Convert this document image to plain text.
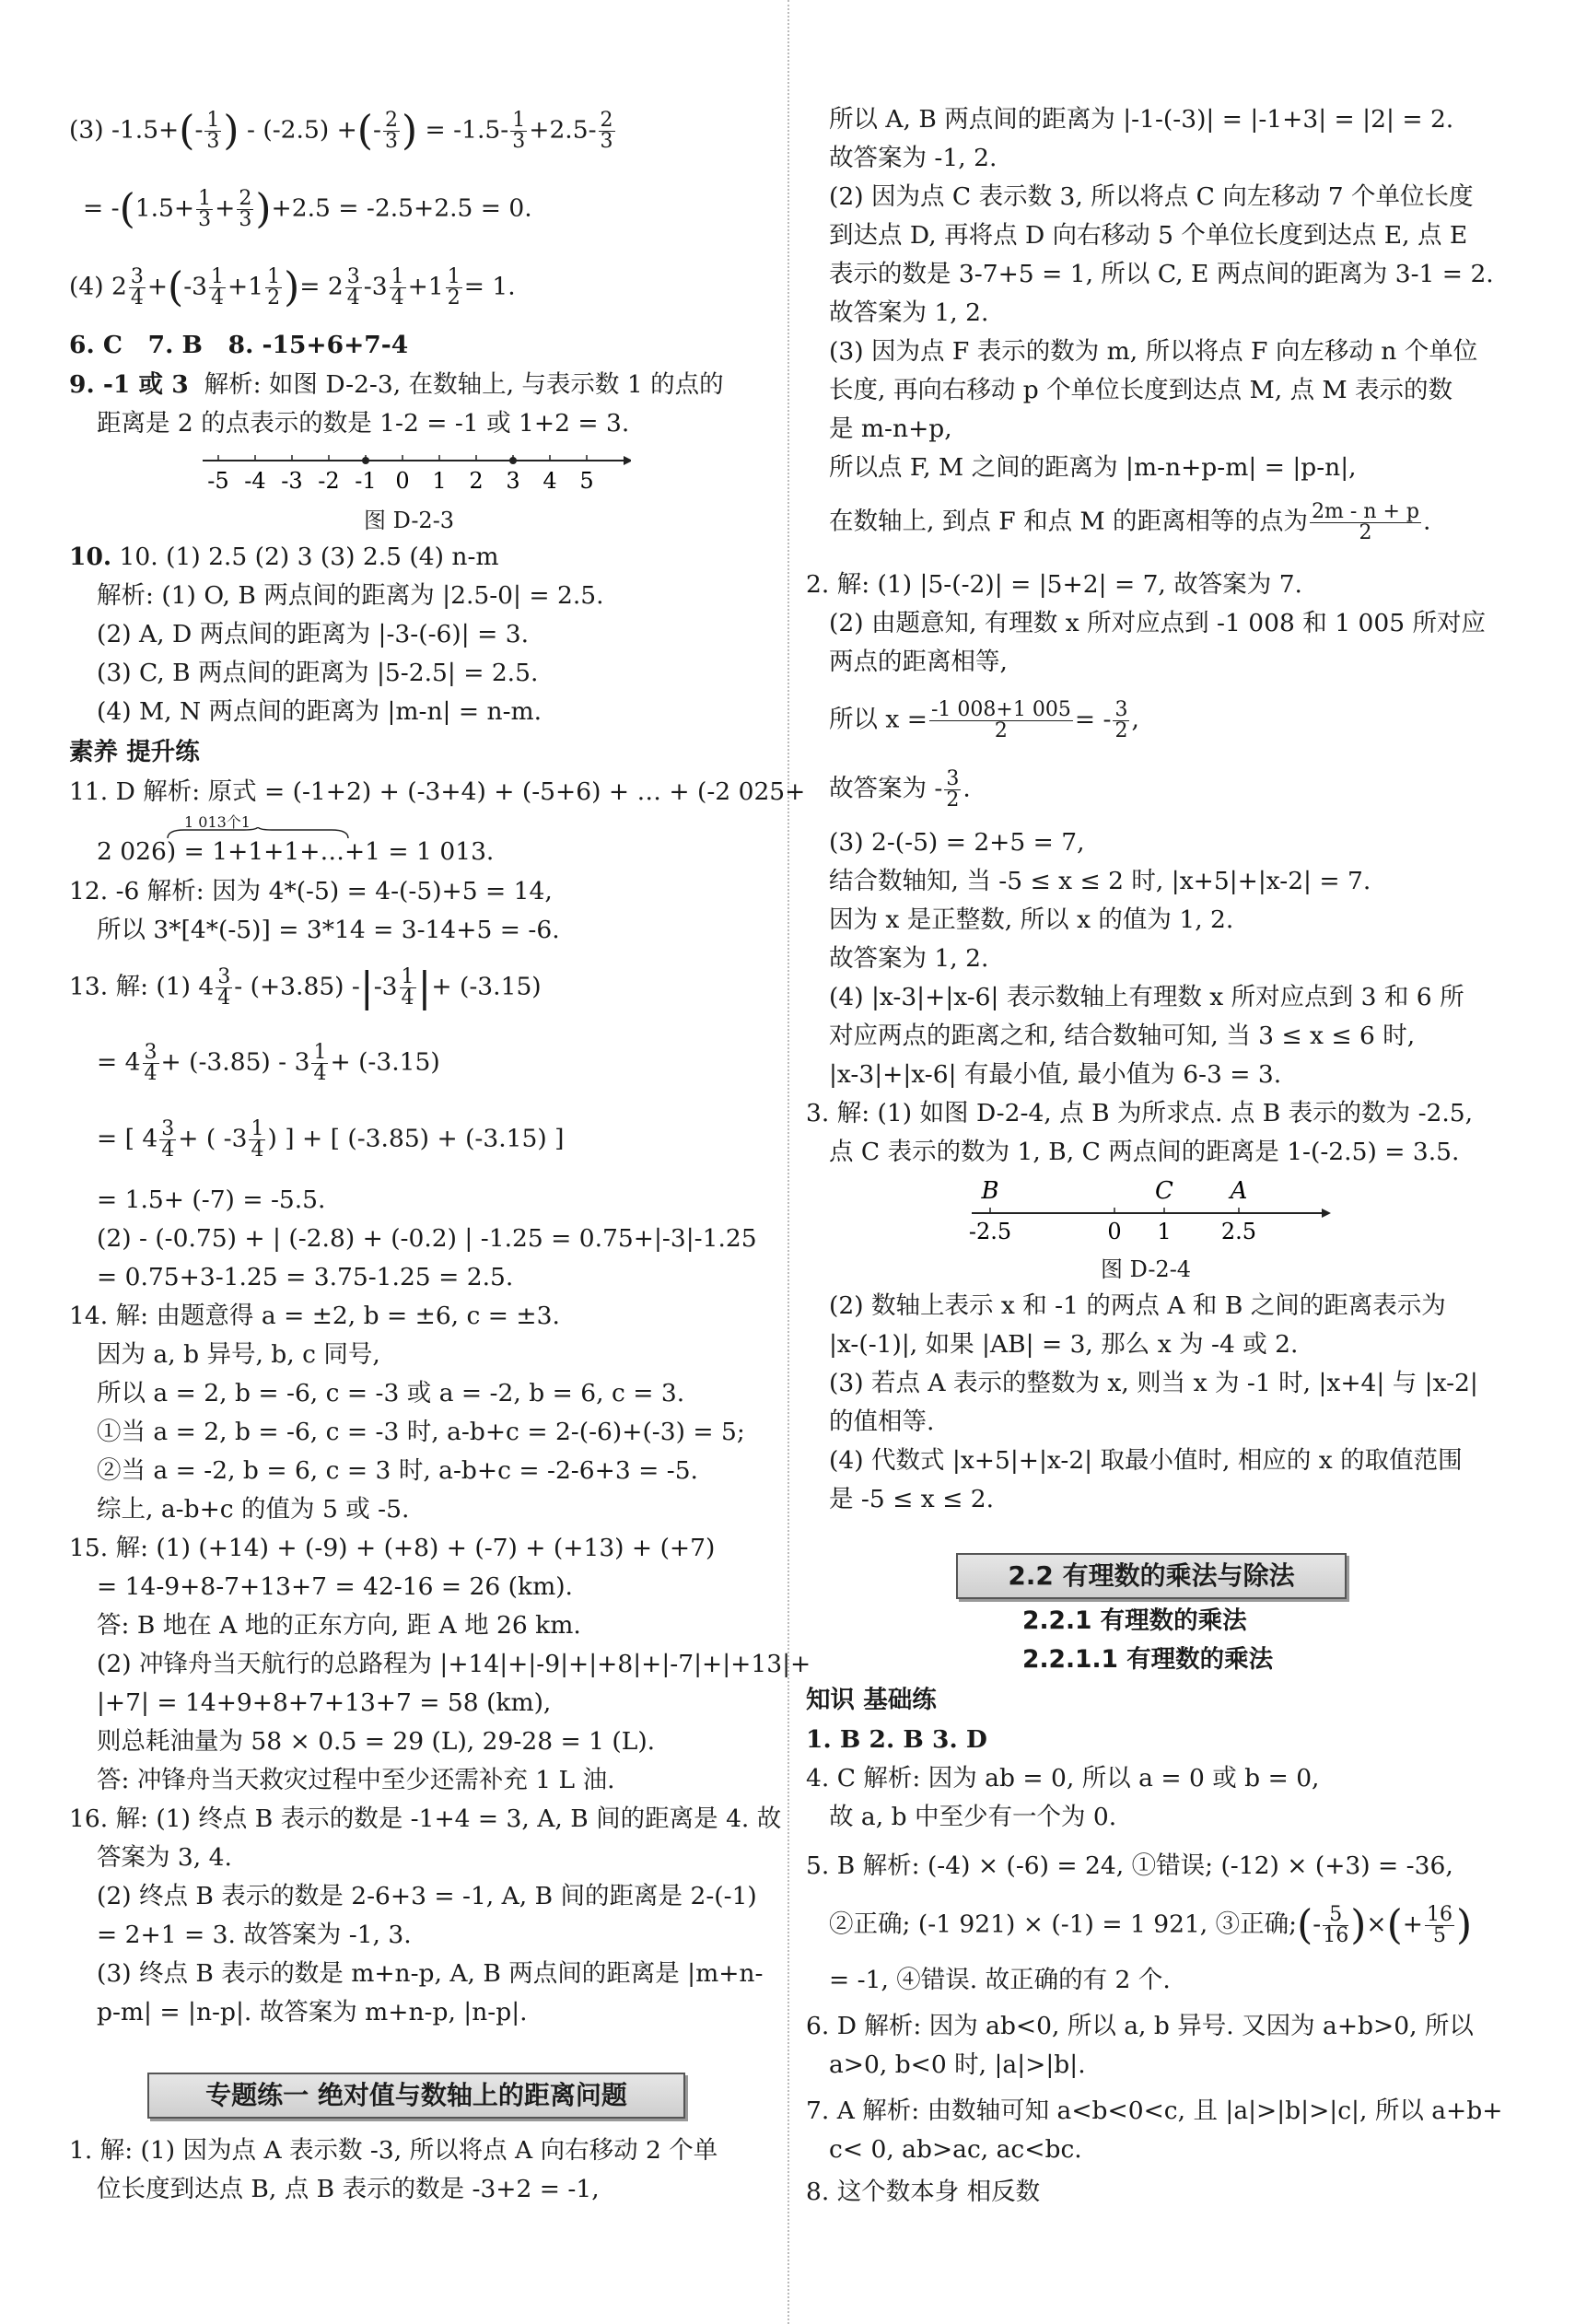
(3) $-1.5+(- \frac{1}{3}$ ) - (-2.5) +(- $\frac{2}{3}$ ) = $-1.5- \frac{1}{3} +2.5- \frac{2}{3}$
= $-(1.5+ \frac{1}{3} + \frac{2}{3} )+2.5 = -2.5+2.5 = 0$.
(4) $2 \frac{3}{4} +(-3 \frac{1}{4} +1 \frac{1}{2}$ )= $2 \frac{3}{4} -3 \frac{1}{4} +1 \frac{1}{2} = 1$.
6. C 7. B 8. -15+6+7-4
9. -1 或 3 解析: 如图 D-2-3, 在数轴上, 与表示数 1 的点的
距离是 2 的点表示的数是 1-2 = -1 或 1+2 = 3.
-5 -4 -3 -2 -1 0 1 2 3 4 5
图 D-2-3
10. 10. (1) 2.5 (2) 3 (3) 2.5 (4) n-m
解析: (1) O, B 两点间的距离为 |2.5-0| = 2.5.
(2) A, D 两点间的距离为 |-3-(-6)| = 3.
(3) C, B 两点间的距离为 |5-2.5| = 2.5.
(4) M, N 两点间的距离为 |m-n| = n-m.
素养 提升练
11. D 解析: 原式 = (-1+2) + (-3+4) + (-5+6) + … + (-2 025+
1 013个1
2 026) = 1+1+1+…+1 = 1 013.
12. -6 解析: 因为 4*(-5) = 4-(-5)+5 = 14,
所以 3*[4*(-5)] = 3*14 = 3-14+5 = -6.
13. 解: (1) $4 \frac{3}{4} - (+3.85)$ $-|-3 \frac{1}{4}$ |+ (-3.15)
= $4 \frac{3}{4} + (-3.85) - 3 \frac{1}{4} + (-3.15)$
= [ $4 \frac{3}{4}$ + ( $-3 \frac{1}{4}$ ) ] + [ (-3.85) + (-3.15) ]
= 1.5+ (-7) = -5.5.
(2) - (-0.75) + | (-2.8) + (-0.2) | -1.25 = 0.75+|-3|-1.25
= 0.75+3-1.25 = 3.75-1.25 = 2.5.
14. 解: 由题意得 a = ±2, b = ±6, c = ±3.
因为 a, b 异号, b, c 同号,
所以 a = 2, b = -6, c = -3 或 a = -2, b = 6, c = 3.
①当 a = 2, b = -6, c = -3 时, a-b+c = 2-(-6)+(-3) = 5;
②当 a = -2, b = 6, c = 3 时, a-b+c = -2-6+3 = -5.
综上, a-b+c 的值为 5 或 -5.
15. 解: (1) (+14) + (-9) + (+8) + (-7) + (+13) + (+7)
= 14-9+8-7+13+7 = 42-16 = 26 (km).
答: B 地在 A 地的正东方向, 距 A 地 26 km.
(2) 冲锋舟当天航行的总路程为 |+14|+|-9|+|+8|+|-7|+|+13|+
|+7| = 14+9+8+7+13+7 = 58 (km),
则总耗油量为 58 × 0.5 = 29 (L), 29-28 = 1 (L).
答: 冲锋舟当天救灾过程中至少还需补充 1 L 油.
16. 解: (1) 终点 B 表示的数是 -1+4 = 3, A, B 间的距离是 4. 故
答案为 3, 4.
(2) 终点 B 表示的数是 2-6+3 = -1, A, B 间的距离是 2-(-1)
= 2+1 = 3. 故答案为 -1, 3.
(3) 终点 B 表示的数是 m+n-p, A, B 两点间的距离是 |m+n-
p-m| = |n-p|. 故答案为 m+n-p, |n-p|.
专题练一 绝对值与数轴上的距离问题
1. 解: (1) 因为点 A 表示数 -3, 所以将点 A 向右移动 2 个单
位长度到达点 B, 点 B 表示的数是 -3+2 = -1,
所以 A, B 两点间的距离为 |-1-(-3)| = |-1+3| = |2| = 2.
故答案为 -1, 2.
(2) 因为点 C 表示数 3, 所以将点 C 向左移动 7 个单位长度
到达点 D, 再将点 D 向右移动 5 个单位长度到达点 E, 点 E
表示的数是 3-7+5 = 1, 所以 C, E 两点间的距离为 3-1 = 2.
故答案为 1, 2.
(3) 因为点 F 表示的数为 m, 所以将点 F 向左移动 n 个单位
长度, 再向右移动 p 个单位长度到达点 M, 点 M 表示的数
是 m-n+p,
所以点 F, M 之间的距离为 |m-n+p-m| = |p-n|,
在数轴上, 到点 F 和点 M 的距离相等的点为 $\frac{2m - n + p}{2}$ .
2. 解: (1) |5-(-2)| = |5+2| = 7, 故答案为 7.
(2) 由题意知, 有理数 x 所对应点到 -1 008 和 1 005 所对应
两点的距离相等,
所以 $x = \frac{-1 008+1 005}{2}$ = - $\frac{3}{2}$ ,
故答案为 - $\frac{3}{2}$ .
(3) 2-(-5) = 2+5 = 7,
结合数轴知, 当 -5 ≤ x ≤ 2 时, |x+5|+|x-2| = 7.
因为 x 是正整数, 所以 x 的值为 1, 2.
故答案为 1, 2.
(4) |x-3|+|x-6| 表示数轴上有理数 x 所对应点到 3 和 6 所
对应两点的距离之和, 结合数轴可知, 当 3 ≤ x ≤ 6 时,
|x-3|+|x-6| 有最小值, 最小值为 6-3 = 3.
3. 解: (1) 如图 D-2-4, 点 B 为所求点. 点 B 表示的数为 -2.5,
点 C 表示的数为 1, B, C 两点间的距离是 1-(-2.5) = 3.5.
-2.5	0 1 2.5
B	C A
图 D-2-4
(2) 数轴上表示 x 和 -1 的两点 A 和 B 之间的距离表示为
|x-(-1)|, 如果 |AB| = 3, 那么 x 为 -4 或 2.
(3) 若点 A 表示的整数为 x, 则当 x 为 -1 时, |x+4| 与 |x-2|
的值相等.
(4) 代数式 |x+5|+|x-2| 取最小值时, 相应的 x 的取值范围
是 -5 ≤ x ≤ 2.
2.2 有理数的乘法与除法
2.2.1 有理数的乘法
2.2.1.1 有理数的乘法
知识 基础练
1. B 2. B 3. D
4. C 解析: 因为 ab = 0, 所以 a = 0 或 b = 0,
故 a, b 中至少有一个为 0.
5. B 解析: (-4) × (-6) = 24, ①错误; (-12) × (+3) = -36,
②正确; (-1 921) × (-1) = 1 921, ③正确;(- $\frac{5}{16}$ )×(+ $\frac{16}{5}$ )
= -1, ④错误. 故正确的有 2 个.
6. D 解析: 因为 ab<0, 所以 a, b 异号. 又因为 a+b>0, 所以
a>0, b<0 时, |a|>|b|.
7. A 解析: 由数轴可知 a<b<0<c, 且 |a|>|b|>|c|, 所以 a+b+
c< 0, ab>ac, ac<bc.
8. 这个数本身 相反数
